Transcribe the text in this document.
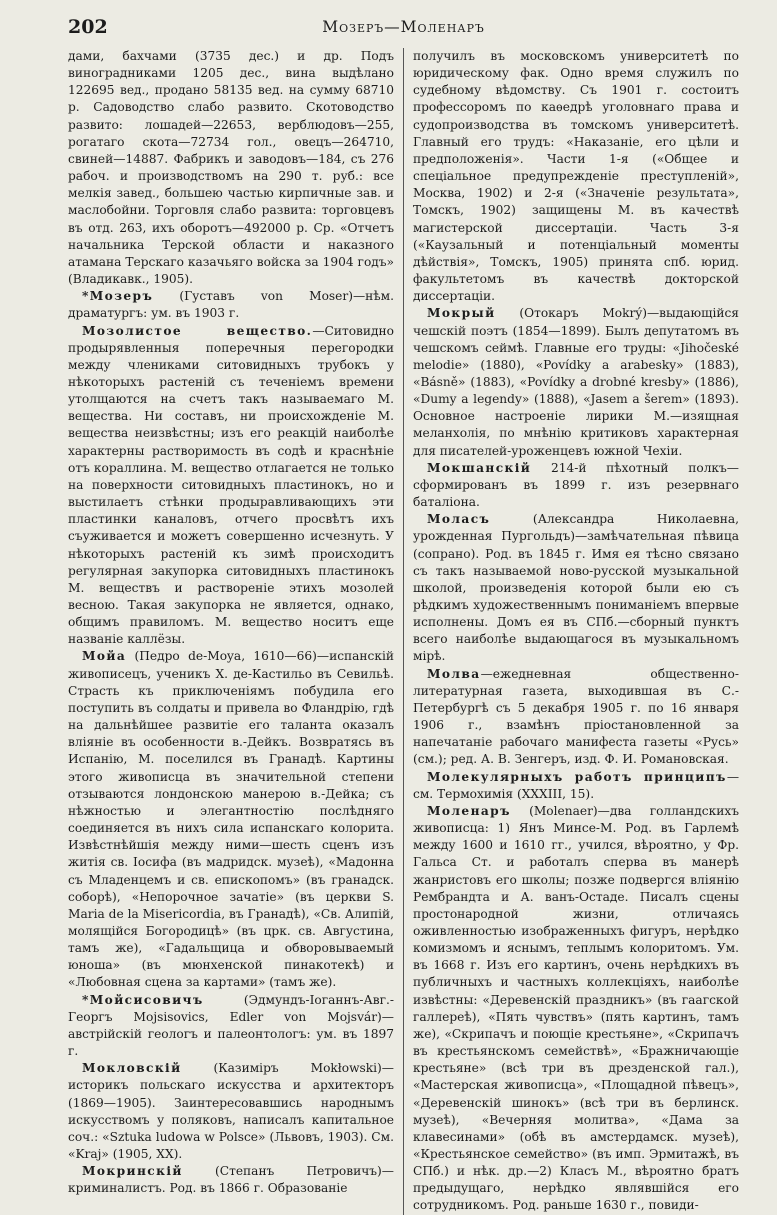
202	Мозеръ—Моленаръ

дами, бахчами (3735 дес.) и др. Подъ виноградниками 1205 дес., вина выдѣлано 122695 вед., продано 58135 вед. на сумму 68710 р. Садоводство слабо развито. Скотоводство развито: лошадей—22653, верблюдовъ—255, рогатаго скота—72734 гол., овецъ—264710, свиней—14887. Фабрикъ и заводовъ—184, съ 276 рабоч. и производствомъ на 290 т. руб.: все мелкія завед., большею частью кирпичные зав. и маслобойни. Торговля слабо развита: торговцевъ въ отд. 263, ихъ оборотъ—492000 р. Ср. «Отчетъ начальника Терской области и наказного атамана Терскаго казачьяго войска за 1904 годъ» (Владикавк., 1905).

*Мозеръ (Густавъ von Moser)—нѣм. драматургъ: ум. въ 1903 г.

Мозолистое вещество.—Ситовидно продырявленныя поперечныя перегородки между члениками ситовидныхъ трубокъ у нѣкоторыхъ растеній съ теченіемъ времени утолщаются на счетъ такъ называемаго М. вещества. Ни составъ, ни происхожденіе М. вещества неизвѣстны; изъ его реакцій наиболѣе характерны растворимость въ содѣ и краснѣніе отъ кораллина. М. вещество отлагается не только на поверхности ситовидныхъ пластинокъ, но и выстилаетъ стѣнки продыравливающихъ эти пластинки каналовъ, отчего просвѣтъ ихъ съуживается и можетъ совершенно исчезнуть. У нѣкоторыхъ растеній къ зимѣ происходитъ регулярная закупорка ситовидныхъ пластинокъ М. веществъ и раствореніе этихъ мозолей весною. Такая закупорка не является, однако, общимъ правиломъ. М. вещество носитъ еще названіе каллёзы.

Мойа (Педро de-Moya, 1610—66)—испанскій живописецъ, ученикъ X. де-Кастильо въ Севильѣ. Страсть къ приключеніямъ побудила его поступить въ солдаты и привела во Фландрію, гдѣ на дальнѣйшее развитіе его таланта оказалъ вліяніе въ особенности в.-Дейкъ. Возвратясь въ Испанію, М. поселился въ Гранадѣ. Картины этого живописца въ значительной степени отзываются лондонскою манерою в.-Дейка; съ нѣжностью и элегантностію послѣдняго соединяется въ нихъ сила испанскаго колорита. Извѣстнѣйшія между ними—шесть сценъ изъ житія св. Іосифа (въ мадридск. музеѣ), «Мадонна съ Младенцемъ и св. епископомъ» (въ гранадск. соборѣ), «Непорочное зачатіе» (въ церкви S. Maria de la Misericordia, въ Гранадѣ), «Св. Алипій, молящійся Богородицѣ» (въ црк. св. Августина, тамъ же), «Гадальщица и обворовываемый юноша» (въ мюнхенской пинакотекѣ) и «Любовная сцена за картами» (тамъ же).

*Мойсисовичъ (Эдмундъ-Іоганнъ-Авг.-Георгъ Mojsisovics, Edler von Mojsvár)—австрійскій геологъ и палеонтологъ: ум. въ 1897 г.

Мокловскій (Казиміръ Mokłowski)—историкъ польскаго искусства и архитекторъ (1869—1905). Заинтересовавшись народнымъ искусствомъ у поляковъ, написалъ капитальное соч.: «Sztuka ludowa w Polsce» (Львовъ, 1903). См. «Kraj» (1905, XX).

Мокринскій (Степанъ Петровичъ)—криминалистъ. Род. въ 1866 г. Образованіе

получилъ въ московскомъ университетѣ по юридическому фак. Одно время служилъ по судебному вѣдомству. Съ 1901 г. состоитъ профессоромъ по каѳедрѣ уголовнаго права и судопроизводства въ томскомъ университетѣ. Главный его трудъ: «Наказаніе, его цѣли и предположенія». Части 1-я («Общее и спеціальное предупрежденіе преступленій», Москва, 1902) и 2-я («Значеніе результата», Томскъ, 1902) защищены М. въ качествѣ магистерской диссертаціи. Часть 3-я («Каузальный и потенціальный моменты дѣйствія», Томскъ, 1905) принята спб. юрид. факультетомъ въ качествѣ докторской диссертаціи.

Мокрый (Отокаръ Mokrý)—выдающійся чешскій поэтъ (1854—1899). Былъ депутатомъ въ чешскомъ сеймѣ. Главные его труды: «Jihočeské melodie» (1880), «Povídky a arabesky» (1883), «Básně» (1883), «Povídky a drobné kresby» (1886), «Dumy a legendy» (1888), «Jasem a šerem» (1893). Основное настроеніе лирики М.—изящная меланхолія, по мнѣнію критиковъ характерная для писателей-уроженцевъ южной Чехіи.

Мокшанскій 214-й пѣхотный полкъ—сформированъ въ 1899 г. изъ резервнаго баталіона.

Моласъ (Александра Николаевна, урожденная Пургольдъ)—замѣчательная пѣвица (сопрано). Род. въ 1845 г. Имя ея тѣсно связано съ такъ называемой ново-русской музыкальной школой, произведенія которой были ею съ рѣдкимъ художественнымъ пониманіемъ впервые исполнены. Домъ ея въ СПб.—сборный пунктъ всего наиболѣе выдающагося въ музыкальномъ мірѣ.

Молва—ежедневная общественно-литературная газета, выходившая въ С.-Петербургѣ съ 5 декабря 1905 г. по 16 января 1906 г., взамѣнъ пріостановленной за напечатаніе рабочаго манифеста газеты «Русь» (см.); ред. А. В. Зенгеръ, изд. Ф. И. Романовская.

Молекулярныхъ работъ принципъ—см. Термохимія (XXXIII, 15).

Моленаръ (Molenaer)—два голландскихъ живописца: 1) Янъ Минсе-М. Род. въ Гарлемѣ между 1600 и 1610 гг., учился, вѣроятно, у Фр. Гальса Ст. и работалъ сперва въ манерѣ жанристовъ его школы; позже подвергся вліянію Рембрандта и А. ванъ-Остаде. Писалъ сцены простонародной жизни, отличаясь оживленностью изображенныхъ фигуръ, нерѣдко комизмомъ и яснымъ, теплымъ колоритомъ. Ум. въ 1668 г. Изъ его картинъ, очень нерѣдкихъ въ публичныхъ и частныхъ коллекціяхъ, наиболѣе извѣстны: «Деревенскій праздникъ» (въ гаагской галлереѣ), «Пять чувствъ» (пять картинъ, тамъ же), «Скрипачъ и поющіе крестьяне», «Скрипачъ въ крестьянскомъ семействѣ», «Бражничающіе крестьяне» (всѣ три въ дрезденской гал.), «Мастерская живописца», «Площадной пѣвецъ», «Деревенскій шинокъ» (всѣ три въ берлинск. музеѣ), «Вечерняя молитва», «Дама за клавесинами» (обѣ въ амстердамск. музеѣ), «Крестьянское семейство» (въ имп. Эрмитажѣ, въ СПб.) и нѣк. др.—2) Класъ М., вѣроятно братъ предыдущаго, нерѣдко являвшійся его сотрудникомъ. Род. раньше 1630 г., повиди-
